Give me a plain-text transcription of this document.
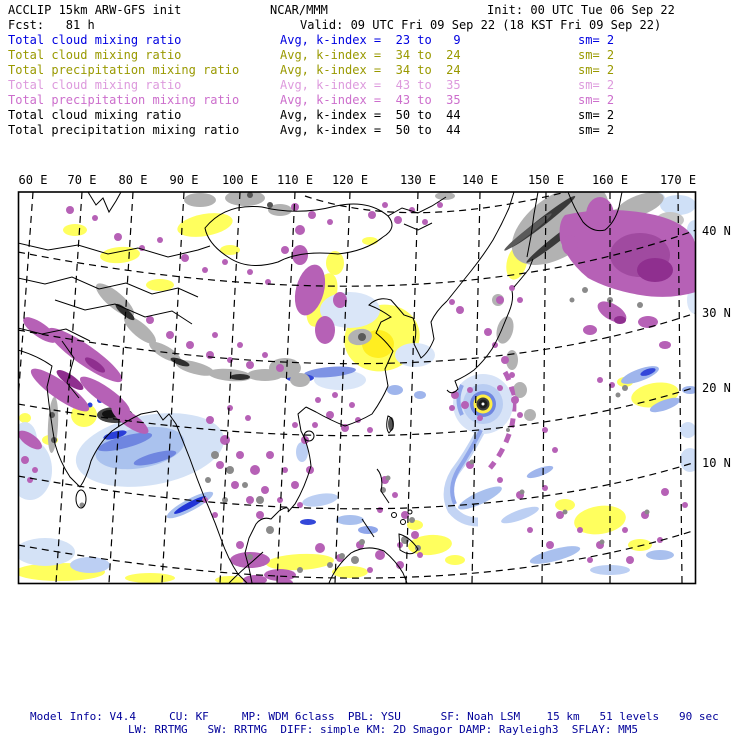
ACCLIP 15km ARW-GFS init	NCAR/MMM	Init: 00 UTC Tue 06 Sep 22
Fcst:   81 h	Valid: 09 UTC Fri 09 Sep 22 (18 KST Fri 09 Sep 22)
Total cloud mixing ratio	Avg, k-index =  23 to   9	sm= 2
Total cloud mixing ratio	Avg, k-index =  34 to  24	sm= 2
Total precipitation mixing ratio	Avg, k-index =  34 to  24	sm= 2
Total cloud mixing ratio	Avg, k-index =  43 to  35	sm= 2
Total precipitation mixing ratio	Avg, k-index =  43 to  35	sm= 2
Total cloud mixing ratio	Avg, k-index =  50 to  44	sm= 2
Total precipitation mixing ratio	Avg, k-index =  50 to  44	sm= 2
60 E 70 E 80 E 90 E 100 E 110 E 120 E	130 E 140 E 150 E 160 E	170 E
40 N
30 N
20 N
10 N
Model Info: V4.4     CU: KF     MP: WDM 6class  PBL: YSU      SF: Noah LSM    15 km   51 levels   90 sec
LW: RRTMG   SW: RRTMG  DIFF: simple KM: 2D Smagor DAMP: Rayleigh3  SFLAY: MM5
